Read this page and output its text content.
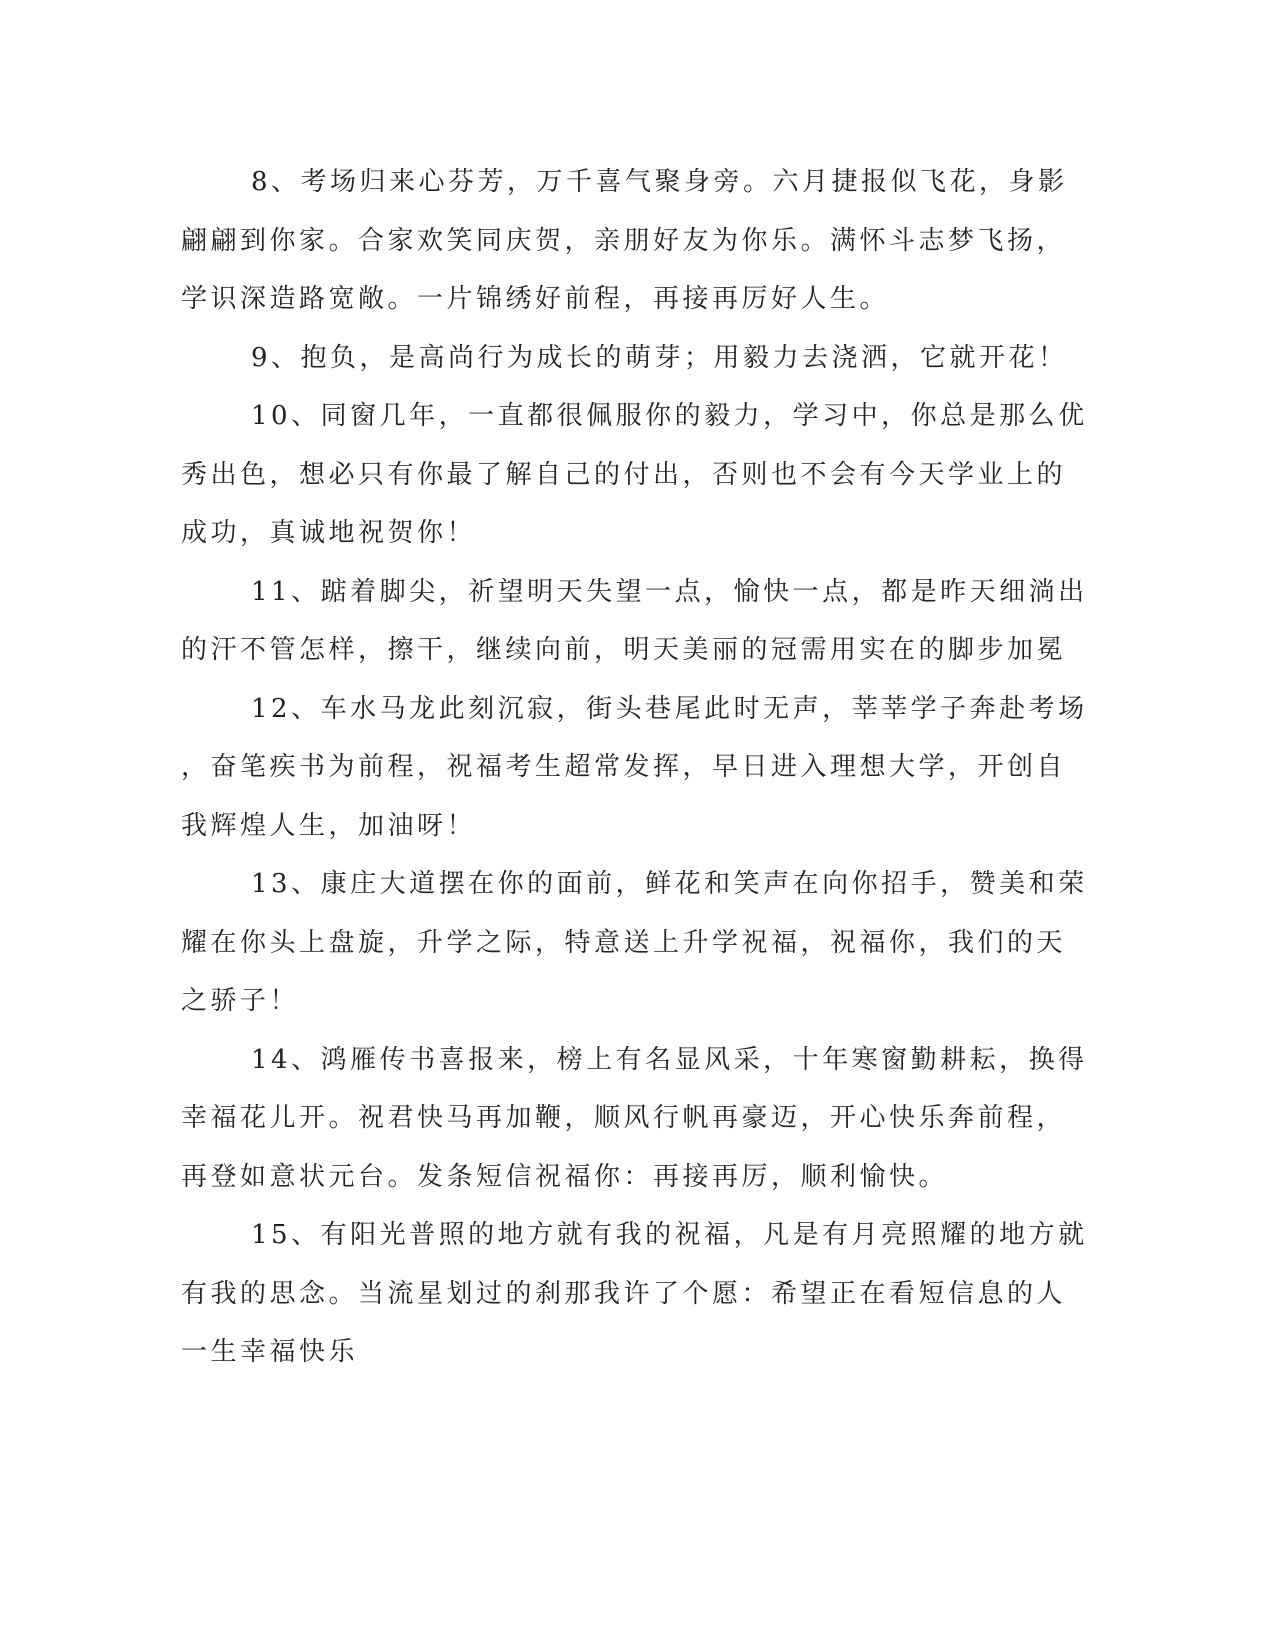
8、考场归来心芬芳，万千喜气聚身旁。六月捷报似飞花，身影
翩翩到你家。合家欢笑同庆贺，亲朋好友为你乐。满怀斗志梦飞扬，
学识深造路宽敞。一片锦绣好前程，再接再厉好人生。

9、抱负，是高尚行为成长的萌芽；用毅力去浇洒，它就开花！

10、同窗几年，一直都很佩服你的毅力，学习中，你总是那么优
秀出色，想必只有你最了解自己的付出，否则也不会有今天学业上的
成功，真诚地祝贺你！

11、踮着脚尖，祈望明天失望一点，愉快一点，都是昨天细淌出
的汗不管怎样，擦干，继续向前，明天美丽的冠需用实在的脚步加冕

12、车水马龙此刻沉寂，街头巷尾此时无声，莘莘学子奔赴考场
，奋笔疾书为前程，祝福考生超常发挥，早日进入理想大学，开创自
我辉煌人生，加油呀！

13、康庄大道摆在你的面前，鲜花和笑声在向你招手，赞美和荣
耀在你头上盘旋，升学之际，特意送上升学祝福，祝福你，我们的天
之骄子！

14、鸿雁传书喜报来，榜上有名显风采，十年寒窗勤耕耘，换得
幸福花儿开。祝君快马再加鞭，顺风行帆再豪迈，开心快乐奔前程，
再登如意状元台。发条短信祝福你：再接再厉，顺利愉快。

15、有阳光普照的地方就有我的祝福，凡是有月亮照耀的地方就
有我的思念。当流星划过的刹那我许了个愿：希望正在看短信息的人
一生幸福快乐
